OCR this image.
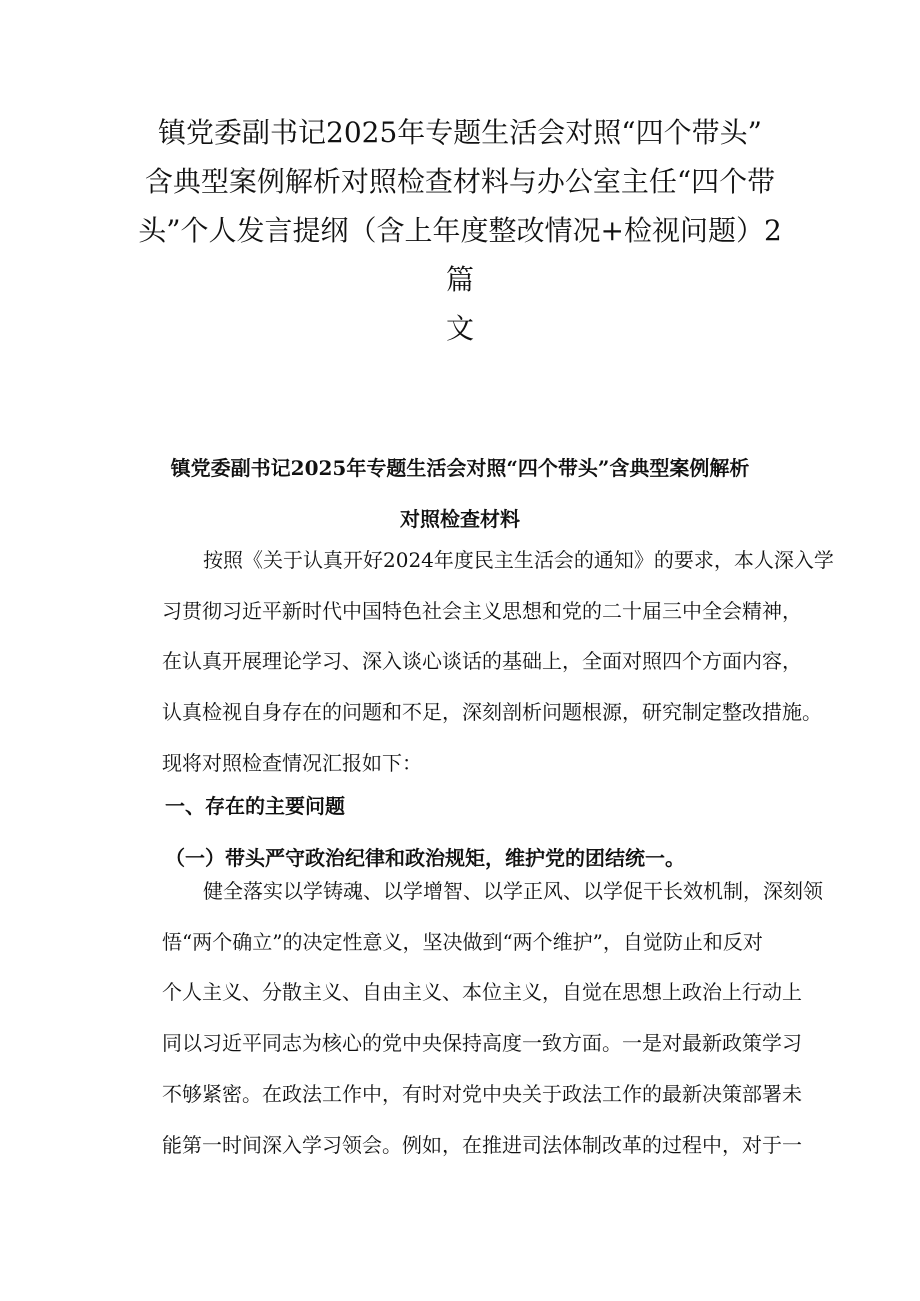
镇党委副书记2025年专题生活会对照“四个带头”
含典型案例解析对照检查材料与办公室主任“四个带
头”个人发言提纲（含上年度整改情况+检视问题）2
篇
文
镇党委副书记2025年专题生活会对照“四个带头”含典型案例解析
对照检查材料

按照《关于认真开好2024年度民主生活会的通知》的要求，本人深入学
习贯彻习近平新时代中国特色社会主义思想和党的二十届三中全会精神，
在认真开展理论学习、深入谈心谈话的基础上，全面对照四个方面内容，
认真检视自身存在的问题和不足，深刻剖析问题根源，研究制定整改措施。
现将对照检查情况汇报如下：

一、存在的主要问题
（一）带头严守政治纪律和政治规矩，维护党的团结统一。

健全落实以学铸魂、以学增智、以学正风、以学促干长效机制，深刻领
悟“两个确立”的决定性意义，坚决做到“两个维护”，自觉防止和反对
个人主义、分散主义、自由主义、本位主义，自觉在思想上政治上行动上
同以习近平同志为核心的党中央保持高度一致方面。一是对最新政策学习
不够紧密。在政法工作中，有时对党中央关于政法工作的最新决策部署未
能第一时间深入学习领会。例如，在推进司法体制改革的过程中，对于一
